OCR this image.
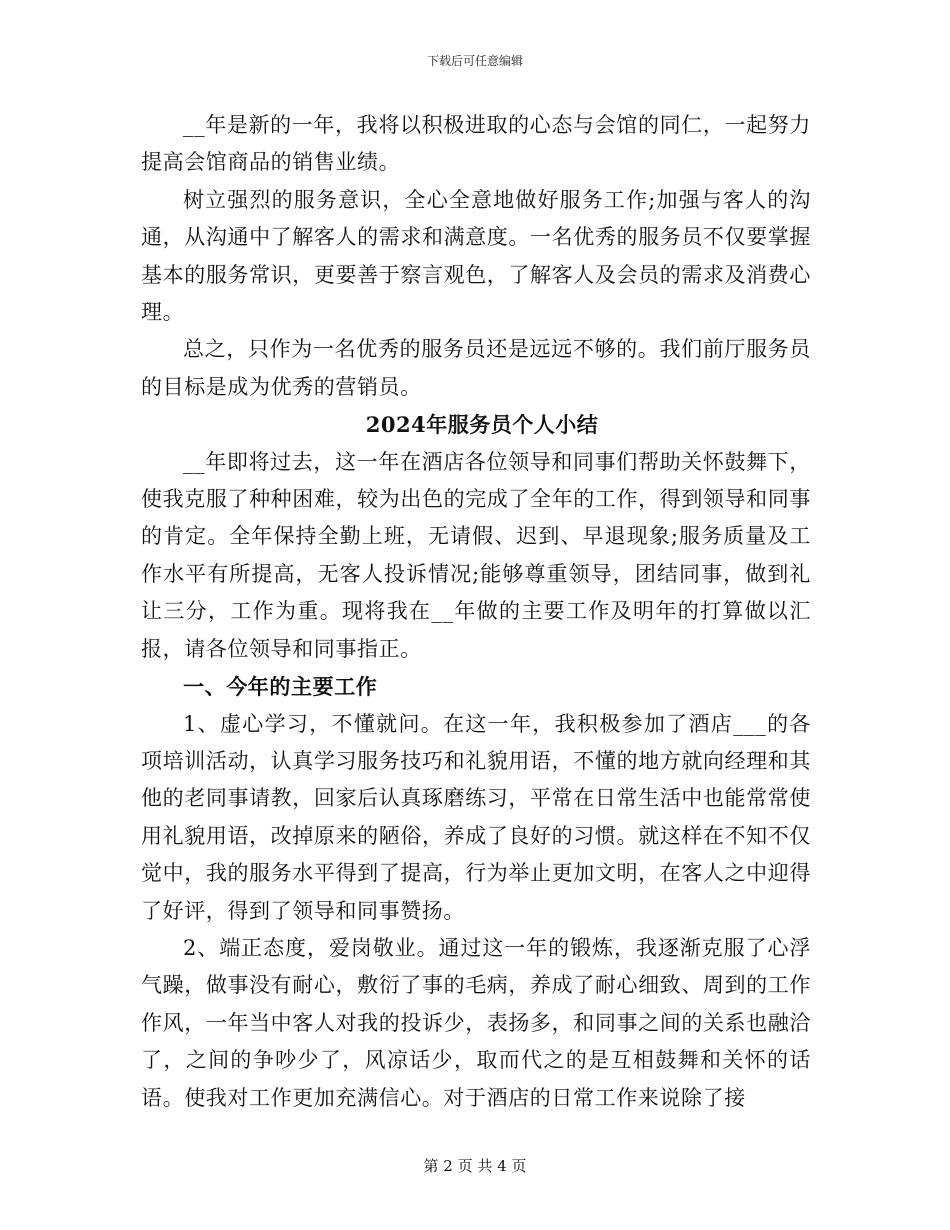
下载后可任意编辑

__年是新的一年，我将以积极进取的心态与会馆的同仁，一起努力提高会馆商品的销售业绩。

树立强烈的服务意识，全心全意地做好服务工作;加强与客人的沟通，从沟通中了解客人的需求和满意度。一名优秀的服务员不仅要掌握基本的服务常识，更要善于察言观色，了解客人及会员的需求及消费心理。

总之，只作为一名优秀的服务员还是远远不够的。我们前厅服务员的目标是成为优秀的营销员。

2024年服务员个人小结

__年即将过去，这一年在酒店各位领导和同事们帮助关怀鼓舞下，使我克服了种种困难，较为出色的完成了全年的工作，得到领导和同事的肯定。全年保持全勤上班，无请假、迟到、早退现象;服务质量及工作水平有所提高，无客人投诉情况;能够尊重领导，团结同事，做到礼让三分，工作为重。现将我在__年做的主要工作及明年的打算做以汇报，请各位领导和同事指正。

一、今年的主要工作

1、虚心学习，不懂就问。在这一年，我积极参加了酒店___的各项培训活动，认真学习服务技巧和礼貌用语，不懂的地方就向经理和其他的老同事请教，回家后认真琢磨练习，平常在日常生活中也能常常使用礼貌用语，改掉原来的陋俗，养成了良好的习惯。就这样在不知不仅觉中，我的服务水平得到了提高，行为举止更加文明，在客人之中迎得了好评，得到了领导和同事赞扬。

2、端正态度，爱岗敬业。通过这一年的锻炼，我逐渐克服了心浮气躁，做事没有耐心，敷衍了事的毛病，养成了耐心细致、周到的工作作风，一年当中客人对我的投诉少，表扬多，和同事之间的关系也融洽了，之间的争吵少了，风凉话少，取而代之的是互相鼓舞和关怀的话语。使我对工作更加充满信心。对于酒店的日常工作来说除了接

第 2 页 共 4 页
